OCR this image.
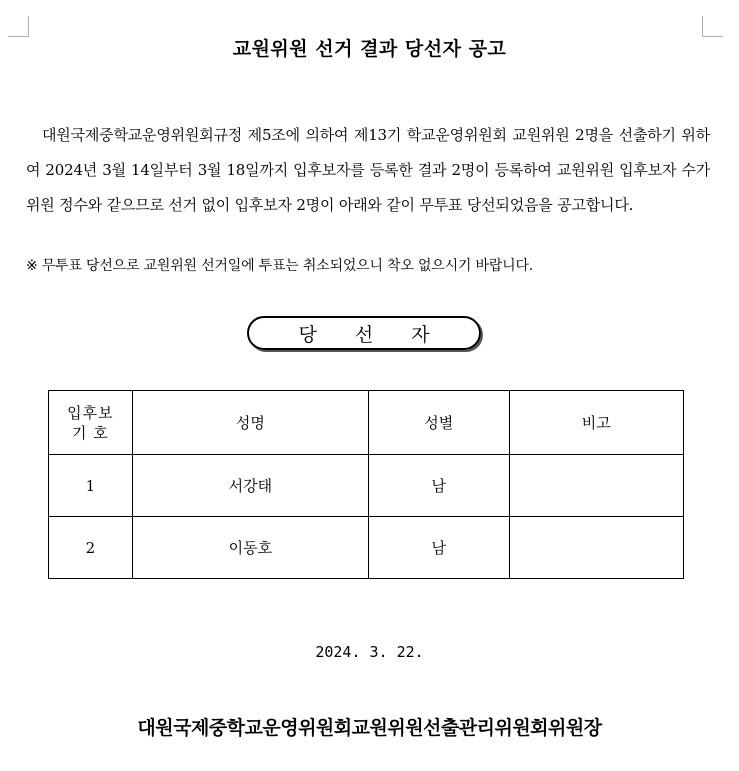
교원위원 선거 결과 당선자 공고

대원국제중학교운영위원회규정 제5조에 의하여 제13기 학교운영위원회 교원위원 2명을 선출하기 위하여 2024년 3월 14일부터 3월 18일까지 입후보자를 등록한 결과 2명이 등록하여 교원위원 입후보자 수가 위원 정수와 같으므로 선거 없이 입후보자 2명이 아래와 같이 무투표 당선되었음을 공고합니다.

※ 무투표 당선으로 교원위원 선거일에 투표는 취소되었으니 착오 없으시기 바랍니다.

당선자
입후보
기 호	성명	성별	비고
1	서강태	남	
2	이동호	남	

2024. 3. 22.

대원국제중학교운영위원회교원위원선출관리위원회위원장
